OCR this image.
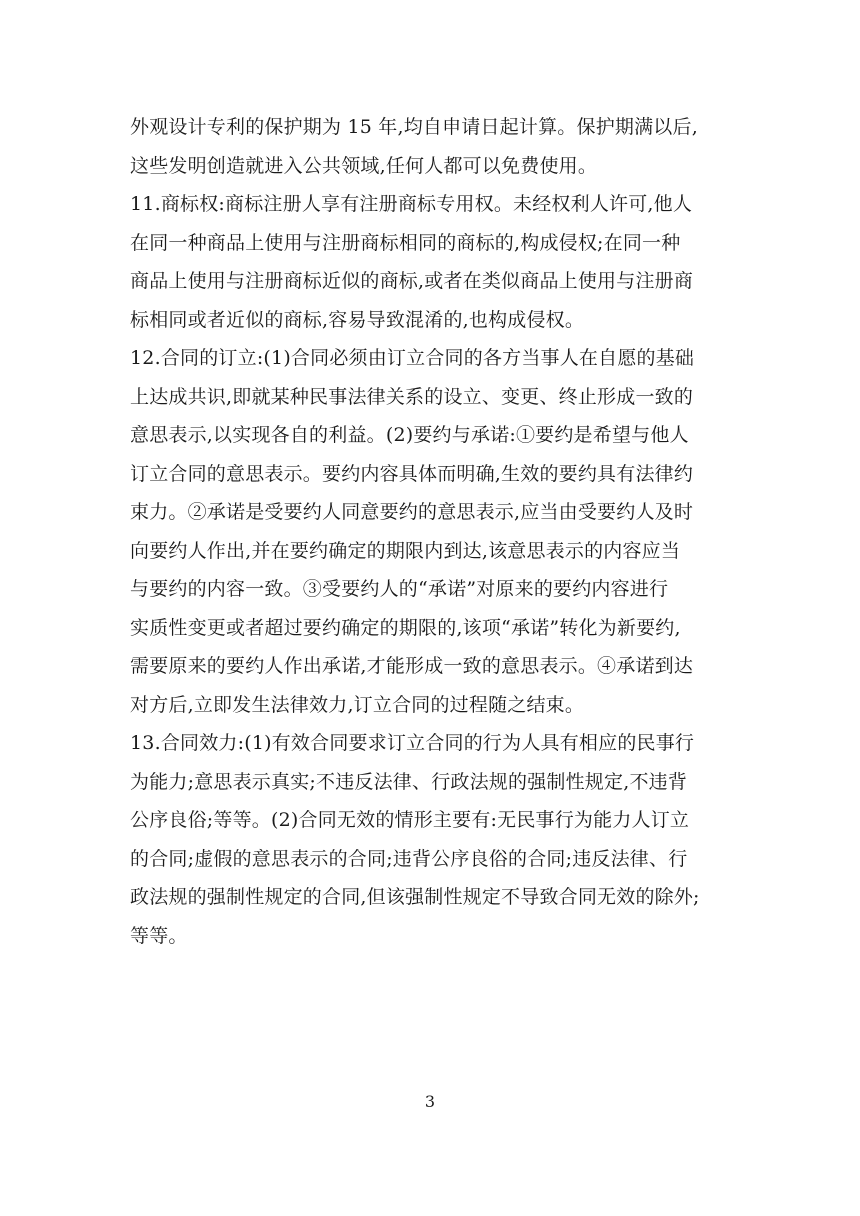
外观设计专利的保护期为 15 年,均自申请日起计算。保护期满以后,
这些发明创造就进入公共领域,任何人都可以免费使用。
11.商标权:商标注册人享有注册商标专用权。未经权利人许可,他人
在同一种商品上使用与注册商标相同的商标的,构成侵权;在同一种
商品上使用与注册商标近似的商标,或者在类似商品上使用与注册商
标相同或者近似的商标,容易导致混淆的,也构成侵权。
12.合同的订立:(1)合同必须由订立合同的各方当事人在自愿的基础
上达成共识,即就某种民事法律关系的设立、变更、终止形成一致的
意思表示,以实现各自的利益。(2)要约与承诺:①要约是希望与他人
订立合同的意思表示。要约内容具体而明确,生效的要约具有法律约
束力。②承诺是受要约人同意要约的意思表示,应当由受要约人及时
向要约人作出,并在要约确定的期限内到达,该意思表示的内容应当
与要约的内容一致。③受要约人的“承诺”对原来的要约内容进行
实质性变更或者超过要约确定的期限的,该项“承诺”转化为新要约,
需要原来的要约人作出承诺,才能形成一致的意思表示。④承诺到达
对方后,立即发生法律效力,订立合同的过程随之结束。
13.合同效力:(1)有效合同要求订立合同的行为人具有相应的民事行
为能力;意思表示真实;不违反法律、行政法规的强制性规定,不违背
公序良俗;等等。(2)合同无效的情形主要有:无民事行为能力人订立
的合同;虚假的意思表示的合同;违背公序良俗的合同;违反法律、行
政法规的强制性规定的合同,但该强制性规定不导致合同无效的除外;
等等。
3
